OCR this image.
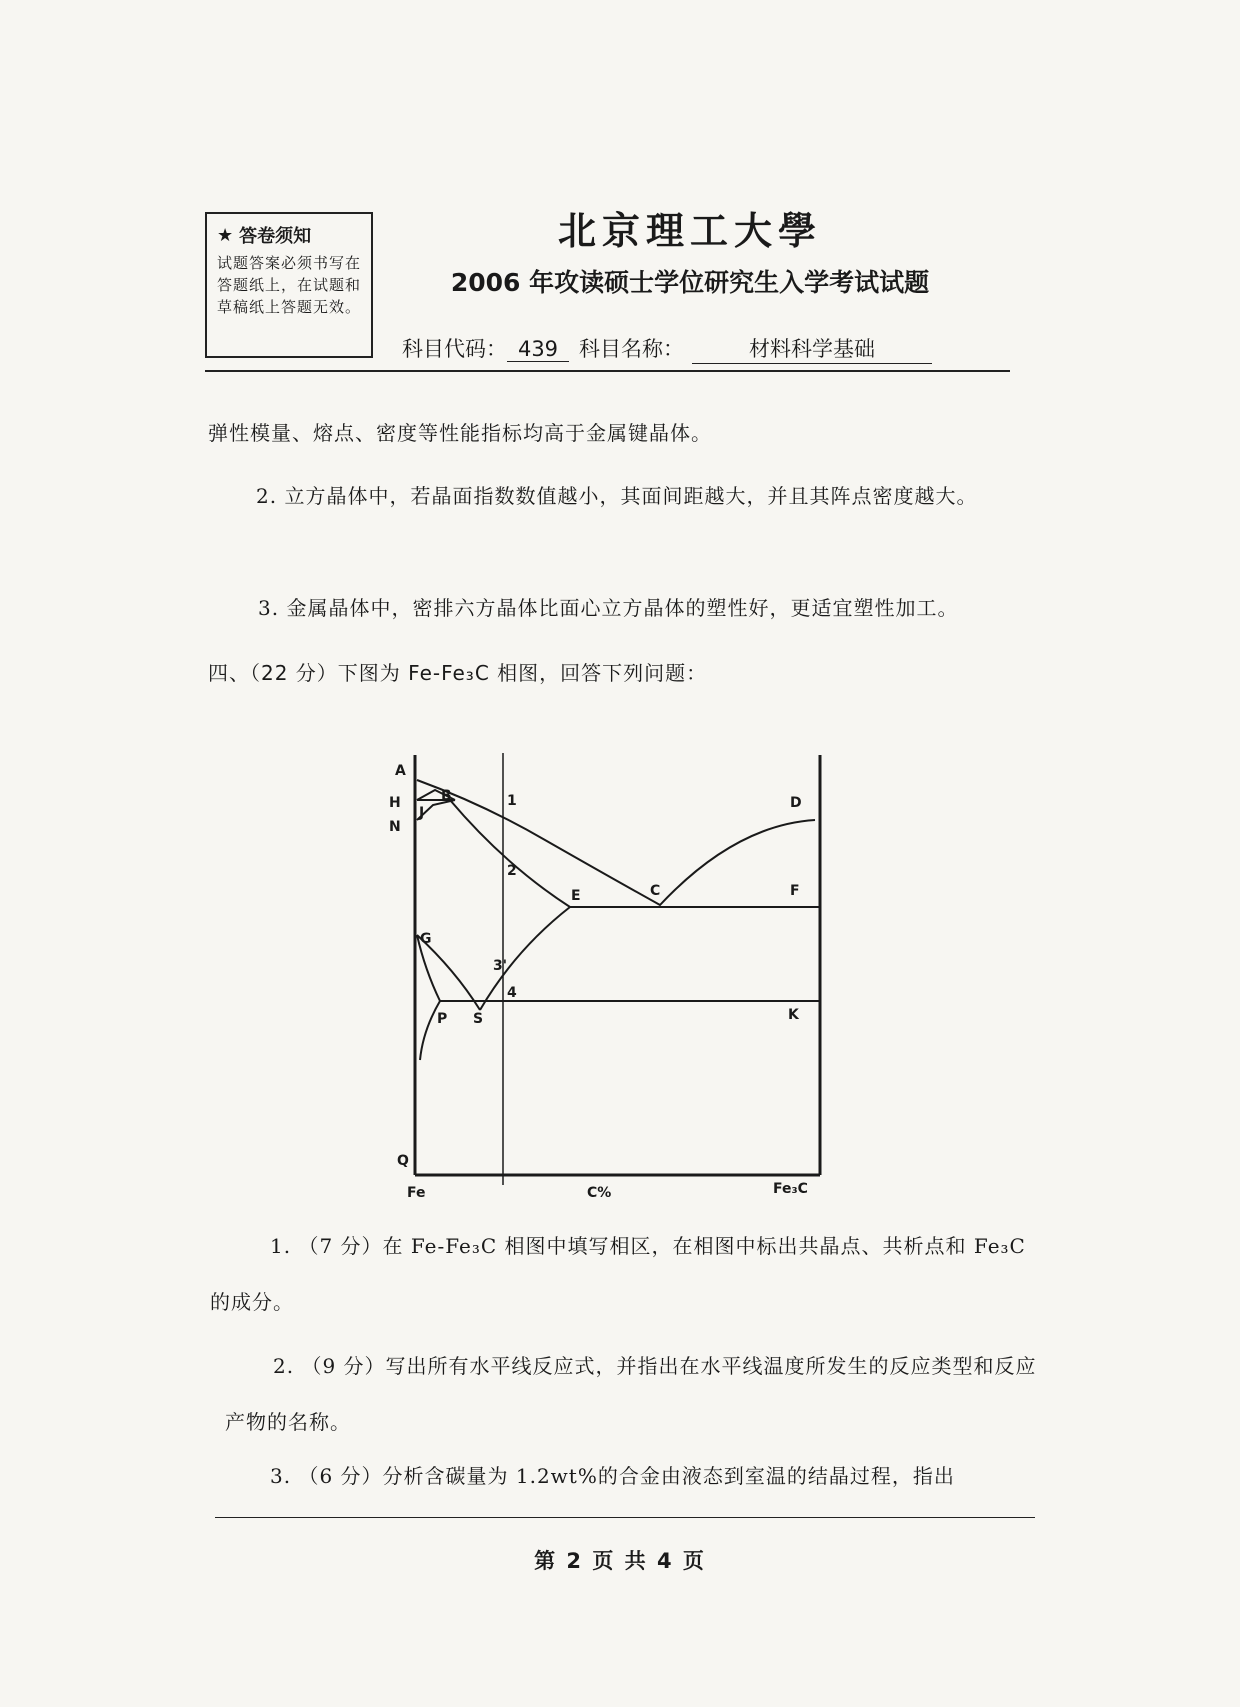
★ 答卷须知
试题答案必须书写在答题纸上，在试题和草稿纸上答题无效。
北京理工大學
2006 年攻读硕士学位研究生入学考试试题
科目代码： 439 科目名称：	材料科学基础
弹性模量、熔点、密度等性能指标均高于金属键晶体。
2. 立方晶体中，若晶面指数数值越小，其面间距越大，并且其阵点密度越大。
3. 金属晶体中，密排六方晶体比面心立方晶体的塑性好，更适宜塑性加工。
四、（22 分）下图为 Fe-Fe₃C 相图，回答下列问题：
A
B
H
J
N
1
2
3'
4
D
C
E	F
G
P S	K
Q
Fe	C%	Fe₃C
1. （7 分）在 Fe-Fe₃C 相图中填写相区，在相图中标出共晶点、共析点和 Fe₃C 的成分。
2. （9 分）写出所有水平线反应式，并指出在水平线温度所发生的反应类型和反应产物的名称。
3. （6 分）分析含碳量为 1.2wt%的合金由液态到室温的结晶过程，指出
第 2 页 共 4 页
